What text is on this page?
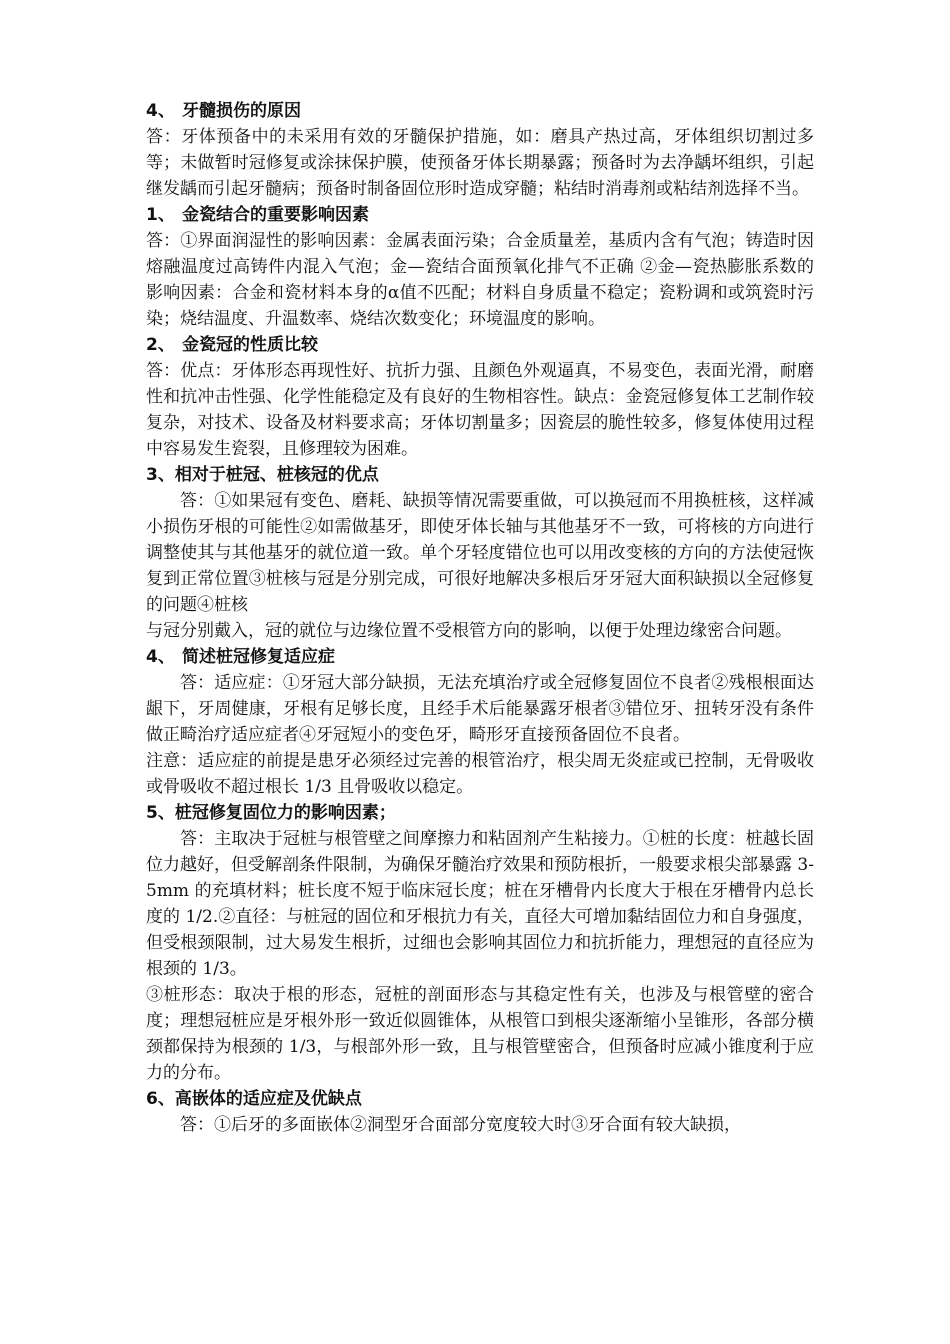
4、 牙髓损伤的原因

答：牙体预备中的未采用有效的牙髓保护措施，如：磨具产热过高，牙体组织切割过多等；未做暂时冠修复或涂抹保护膜，使预备牙体长期暴露；预备时为去净龋坏组织，引起继发龋而引起牙髓病；预备时制备固位形时造成穿髓；粘结时消毒剂或粘结剂选择不当。

1、 金瓷结合的重要影响因素

答：①界面润湿性的影响因素：金属表面污染；合金质量差，基质内含有气泡；铸造时因熔融温度过高铸件内混入气泡；金—瓷结合面预氧化排气不正确 ②金—瓷热膨胀系数的影响因素：合金和瓷材料本身的α值不匹配；材料自身质量不稳定；瓷粉调和或筑瓷时污染；烧结温度、升温数率、烧结次数变化；环境温度的影响。

2、 金瓷冠的性质比较

答：优点：牙体形态再现性好、抗折力强、且颜色外观逼真，不易变色，表面光滑，耐磨性和抗冲击性强、化学性能稳定及有良好的生物相容性。缺点：金瓷冠修复体工艺制作较复杂，对技术、设备及材料要求高；牙体切割量多；因瓷层的脆性较多，修复体使用过程中容易发生瓷裂，且修理较为困难。

3、相对于桩冠、桩核冠的优点

答：①如果冠有变色、磨耗、缺损等情况需要重做，可以换冠而不用换桩核，这样减小损伤牙根的可能性②如需做基牙，即使牙体长轴与其他基牙不一致，可将核的方向进行调整使其与其他基牙的就位道一致。单个牙轻度错位也可以用改变核的方向的方法使冠恢复到正常位置③桩核与冠是分别完成，可很好地解决多根后牙牙冠大面积缺损以全冠修复的问题④桩核

与冠分别戴入，冠的就位与边缘位置不受根管方向的影响，以便于处理边缘密合问题。

4、 简述桩冠修复适应症

答：适应症：①牙冠大部分缺损，无法充填治疗或全冠修复固位不良者②残根根面达龈下，牙周健康，牙根有足够长度，且经手术后能暴露牙根者③错位牙、扭转牙没有条件做正畸治疗适应症者④牙冠短小的变色牙，畸形牙直接预备固位不良者。

注意：适应症的前提是患牙必须经过完善的根管治疗，根尖周无炎症或已控制，无骨吸收或骨吸收不超过根长 1/3 且骨吸收以稳定。

5、桩冠修复固位力的影响因素；

答：主取决于冠桩与根管壁之间摩擦力和粘固剂产生粘接力。①桩的长度：桩越长固位力越好，但受解剖条件限制，为确保牙髓治疗效果和预防根折，一般要求根尖部暴露 3-5mm 的充填材料；桩长度不短于临床冠长度；桩在牙槽骨内长度大于根在牙槽骨内总长度的 1/2.②直径：与桩冠的固位和牙根抗力有关，直径大可增加黏结固位力和自身强度，但受根颈限制，过大易发生根折，过细也会影响其固位力和抗折能力，理想冠的直径应为根颈的 1/3。

③桩形态：取决于根的形态，冠桩的剖面形态与其稳定性有关，也涉及与根管壁的密合度；理想冠桩应是牙根外形一致近似圆锥体，从根管口到根尖逐渐缩小呈锥形，各部分横颈都保持为根颈的 1/3，与根部外形一致，且与根管壁密合，但预备时应减小锥度利于应力的分布。

6、高嵌体的适应症及优缺点

答：①后牙的多面嵌体②洞型牙合面部分宽度较大时③牙合面有较大缺损，
